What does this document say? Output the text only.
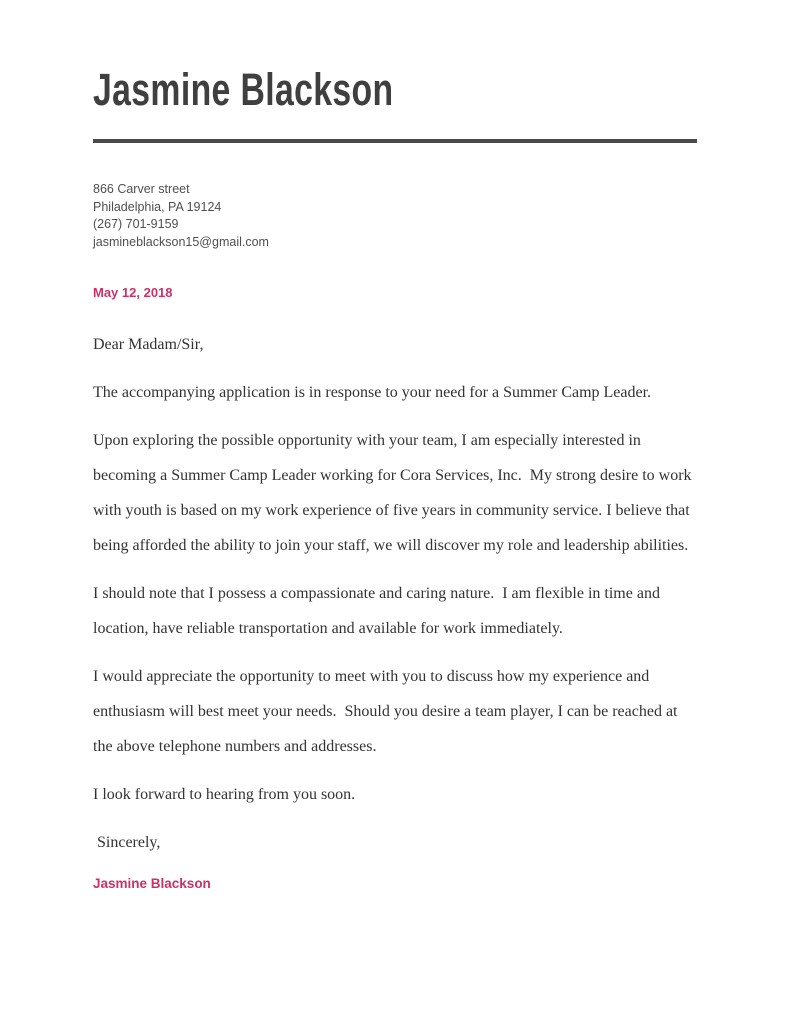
Jasmine Blackson
866 Carver street
Philadelphia, PA 19124
(267) 701-9159
jasmineblackson15@gmail.com
May 12, 2018

Dear Madam/Sir,

The accompanying application is in response to your need for a Summer Camp Leader.

Upon exploring the possible opportunity with your team, I am especially interested in becoming a Summer Camp Leader working for Cora Services, Inc.  My strong desire to work with youth is based on my work experience of five years in community service. I believe that being afforded the ability to join your staff, we will discover my role and leadership abilities.

I should note that I possess a compassionate and caring nature.  I am flexible in time and location, have reliable transportation and available for work immediately.

I would appreciate the opportunity to meet with you to discuss how my experience and enthusiasm will best meet your needs.  Should you desire a team player, I can be reached at the above telephone numbers and addresses.

I look forward to hearing from you soon.

Sincerely,

Jasmine Blackson
